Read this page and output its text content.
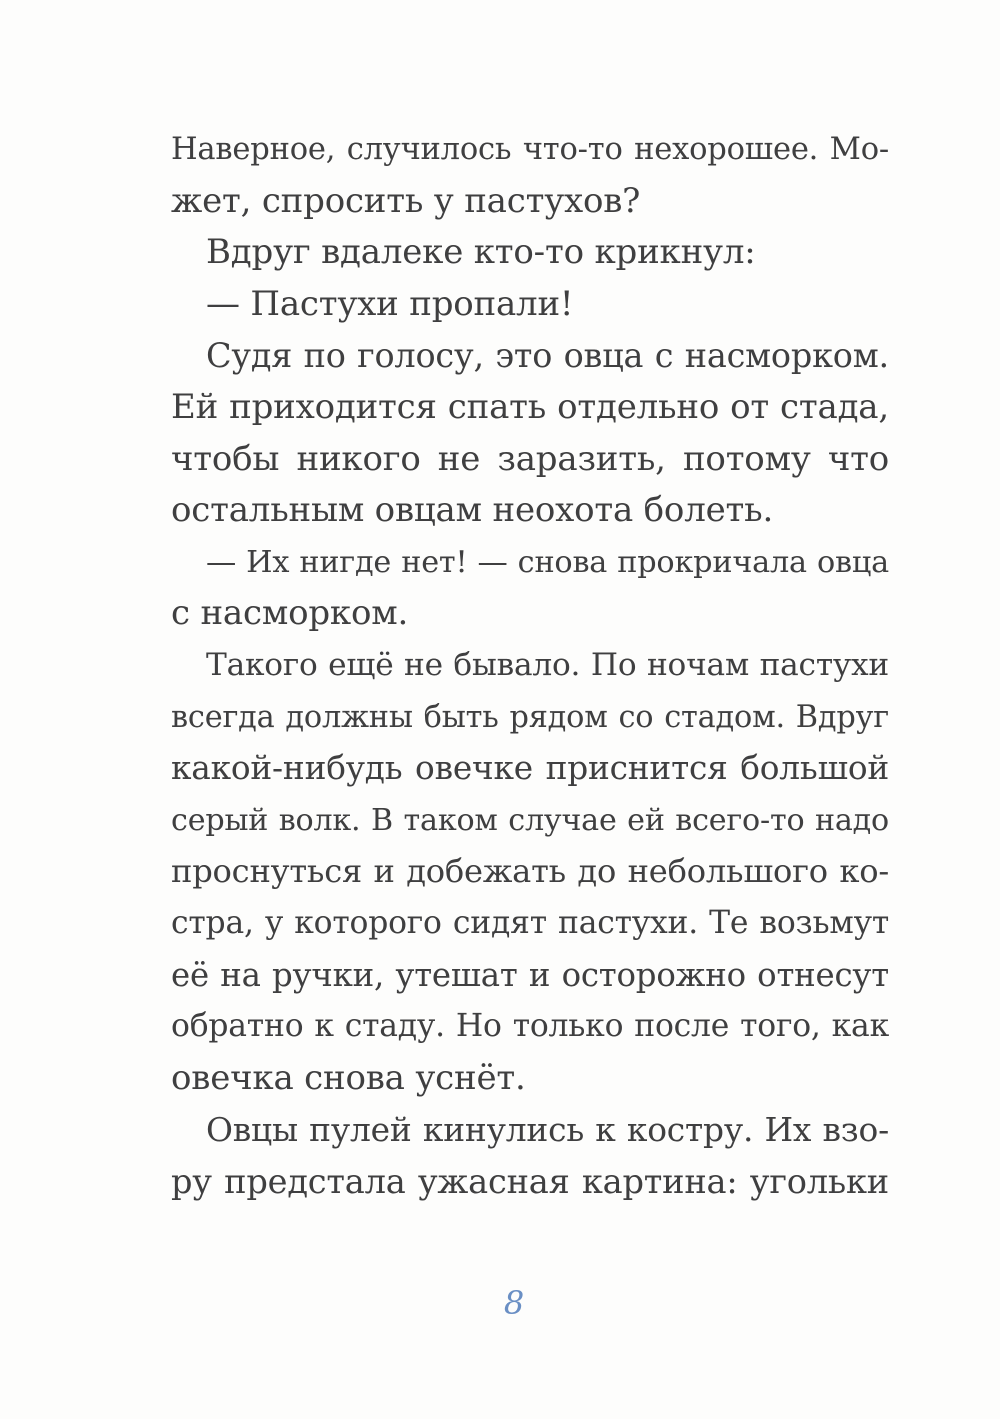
Наверное, случилось что-то нехорошее. Мо-
жет, спросить у пастухов?
Вдруг вдалеке кто-то крикнул:
— Пастухи пропали!
Судя по голосу, это овца с насморком.
Ей приходится спать отдельно от стада,
чтобы никого не заразить, потому что
остальным овцам неохота болеть.
— Их нигде нет! — снова прокричала овца
с насморком.
Такого ещё не бывало. По ночам пастухи
всегда должны быть рядом со стадом. Вдруг
какой-нибудь овечке приснится большой
серый волк. В таком случае ей всего-то надо
проснуться и добежать до небольшого ко-
стра, у которого сидят пастухи. Те возьмут
её на ручки, утешат и осторожно отнесут
обратно к стаду. Но только после того, как
овечка снова уснёт.
Овцы пулей кинулись к костру. Их взо-
ру предстала ужасная картина: угольки
8
